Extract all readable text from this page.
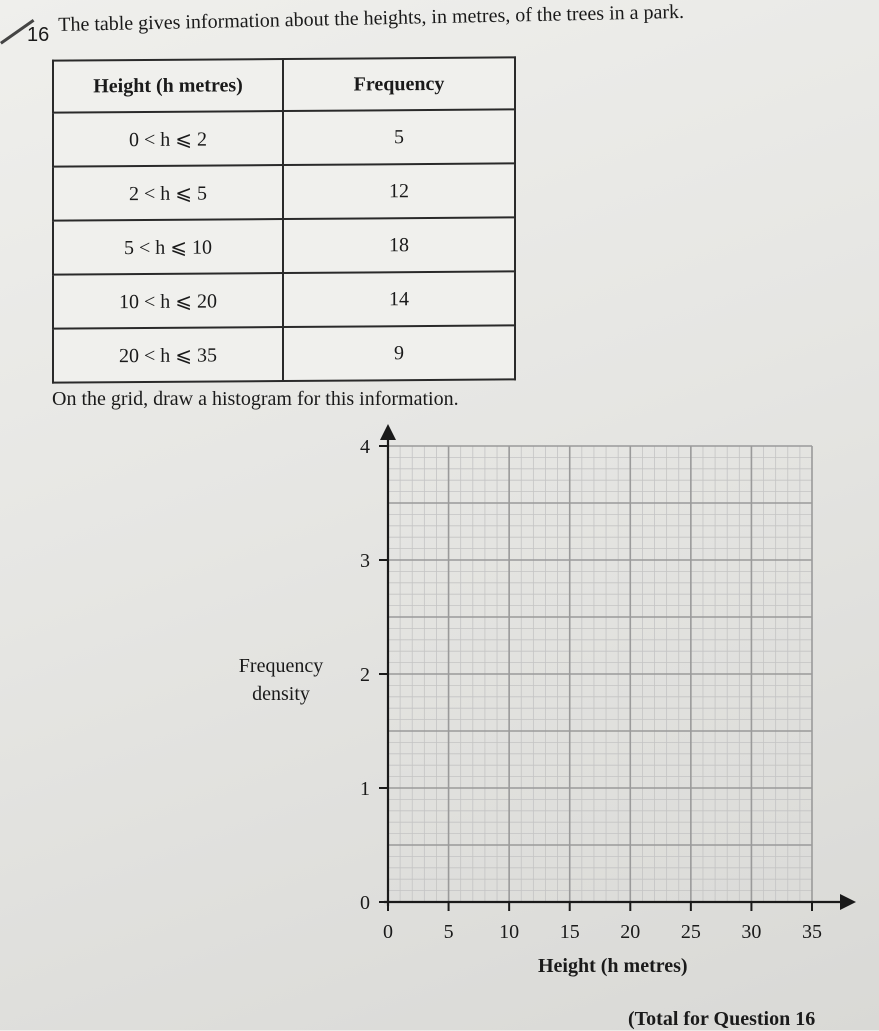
16 The table gives information about the heights, in metres, of the trees in a park.
Height (h metres)	Frequency
0 < h ⩽ 2	5
2 < h ⩽ 5	12
5 < h ⩽ 10	18
10 < h ⩽ 20	14
20 < h ⩽ 35	9
On the grid, draw a histogram for this information.
Frequency density
0
1
2
3
4
0	5 10 15 20 25 30 35
Height (h metres)
(Total for Question 16
